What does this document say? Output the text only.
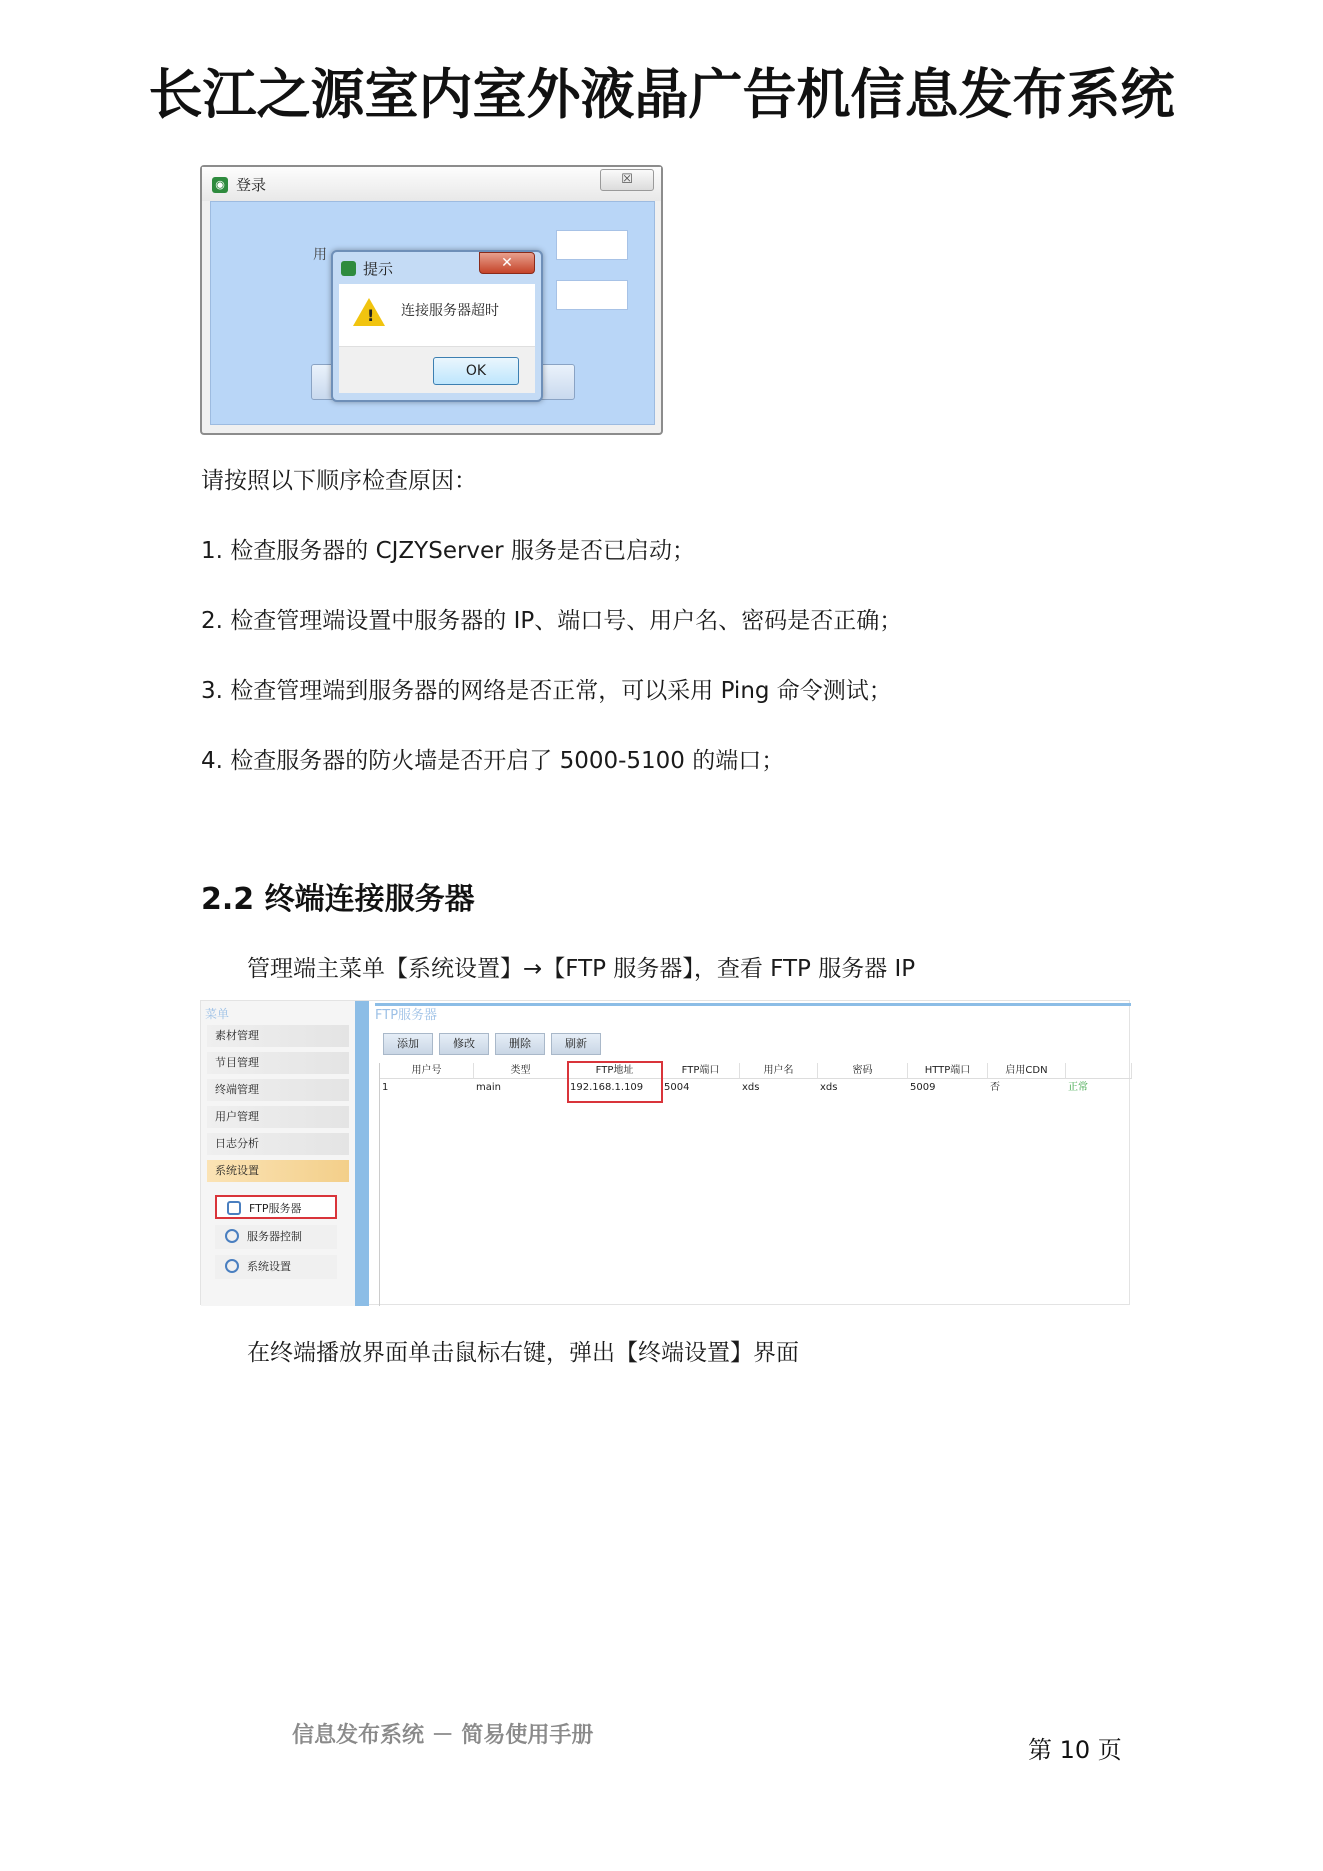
长江之源室内室外液晶广告机信息发布系统
◉ 登录	☒
用
提示	✕
! 连接服务器超时
OK
请按照以下顺序检查原因：
1. 检查服务器的 CJZYServer 服务是否已启动；
2. 检查管理端设置中服务器的 IP、端口号、用户名、密码是否正确；
3. 检查管理端到服务器的网络是否正常，可以采用 Ping 命令测试；
4. 检查服务器的防火墙是否开启了 5000-5100 的端口；
2.2 终端连接服务器
管理端主菜单【系统设置】→【FTP 服务器】，查看 FTP 服务器 IP
菜单
素材管理
节目管理
终端管理
用户管理
日志分析
系统设置
FTP服务器
服务器控制
系统设置
FTP服务器
添加	修改	删除	刷新
用户号	类型	FTP地址	FTP端口	用户名	密码	HTTP端口	启用CDN
1	main	192.168.1.109	5004	xds	xds	5009	否	正常
在终端播放界面单击鼠标右键，弹出【终端设置】界面
信息发布系统 － 简易使用手册
第 10 页
